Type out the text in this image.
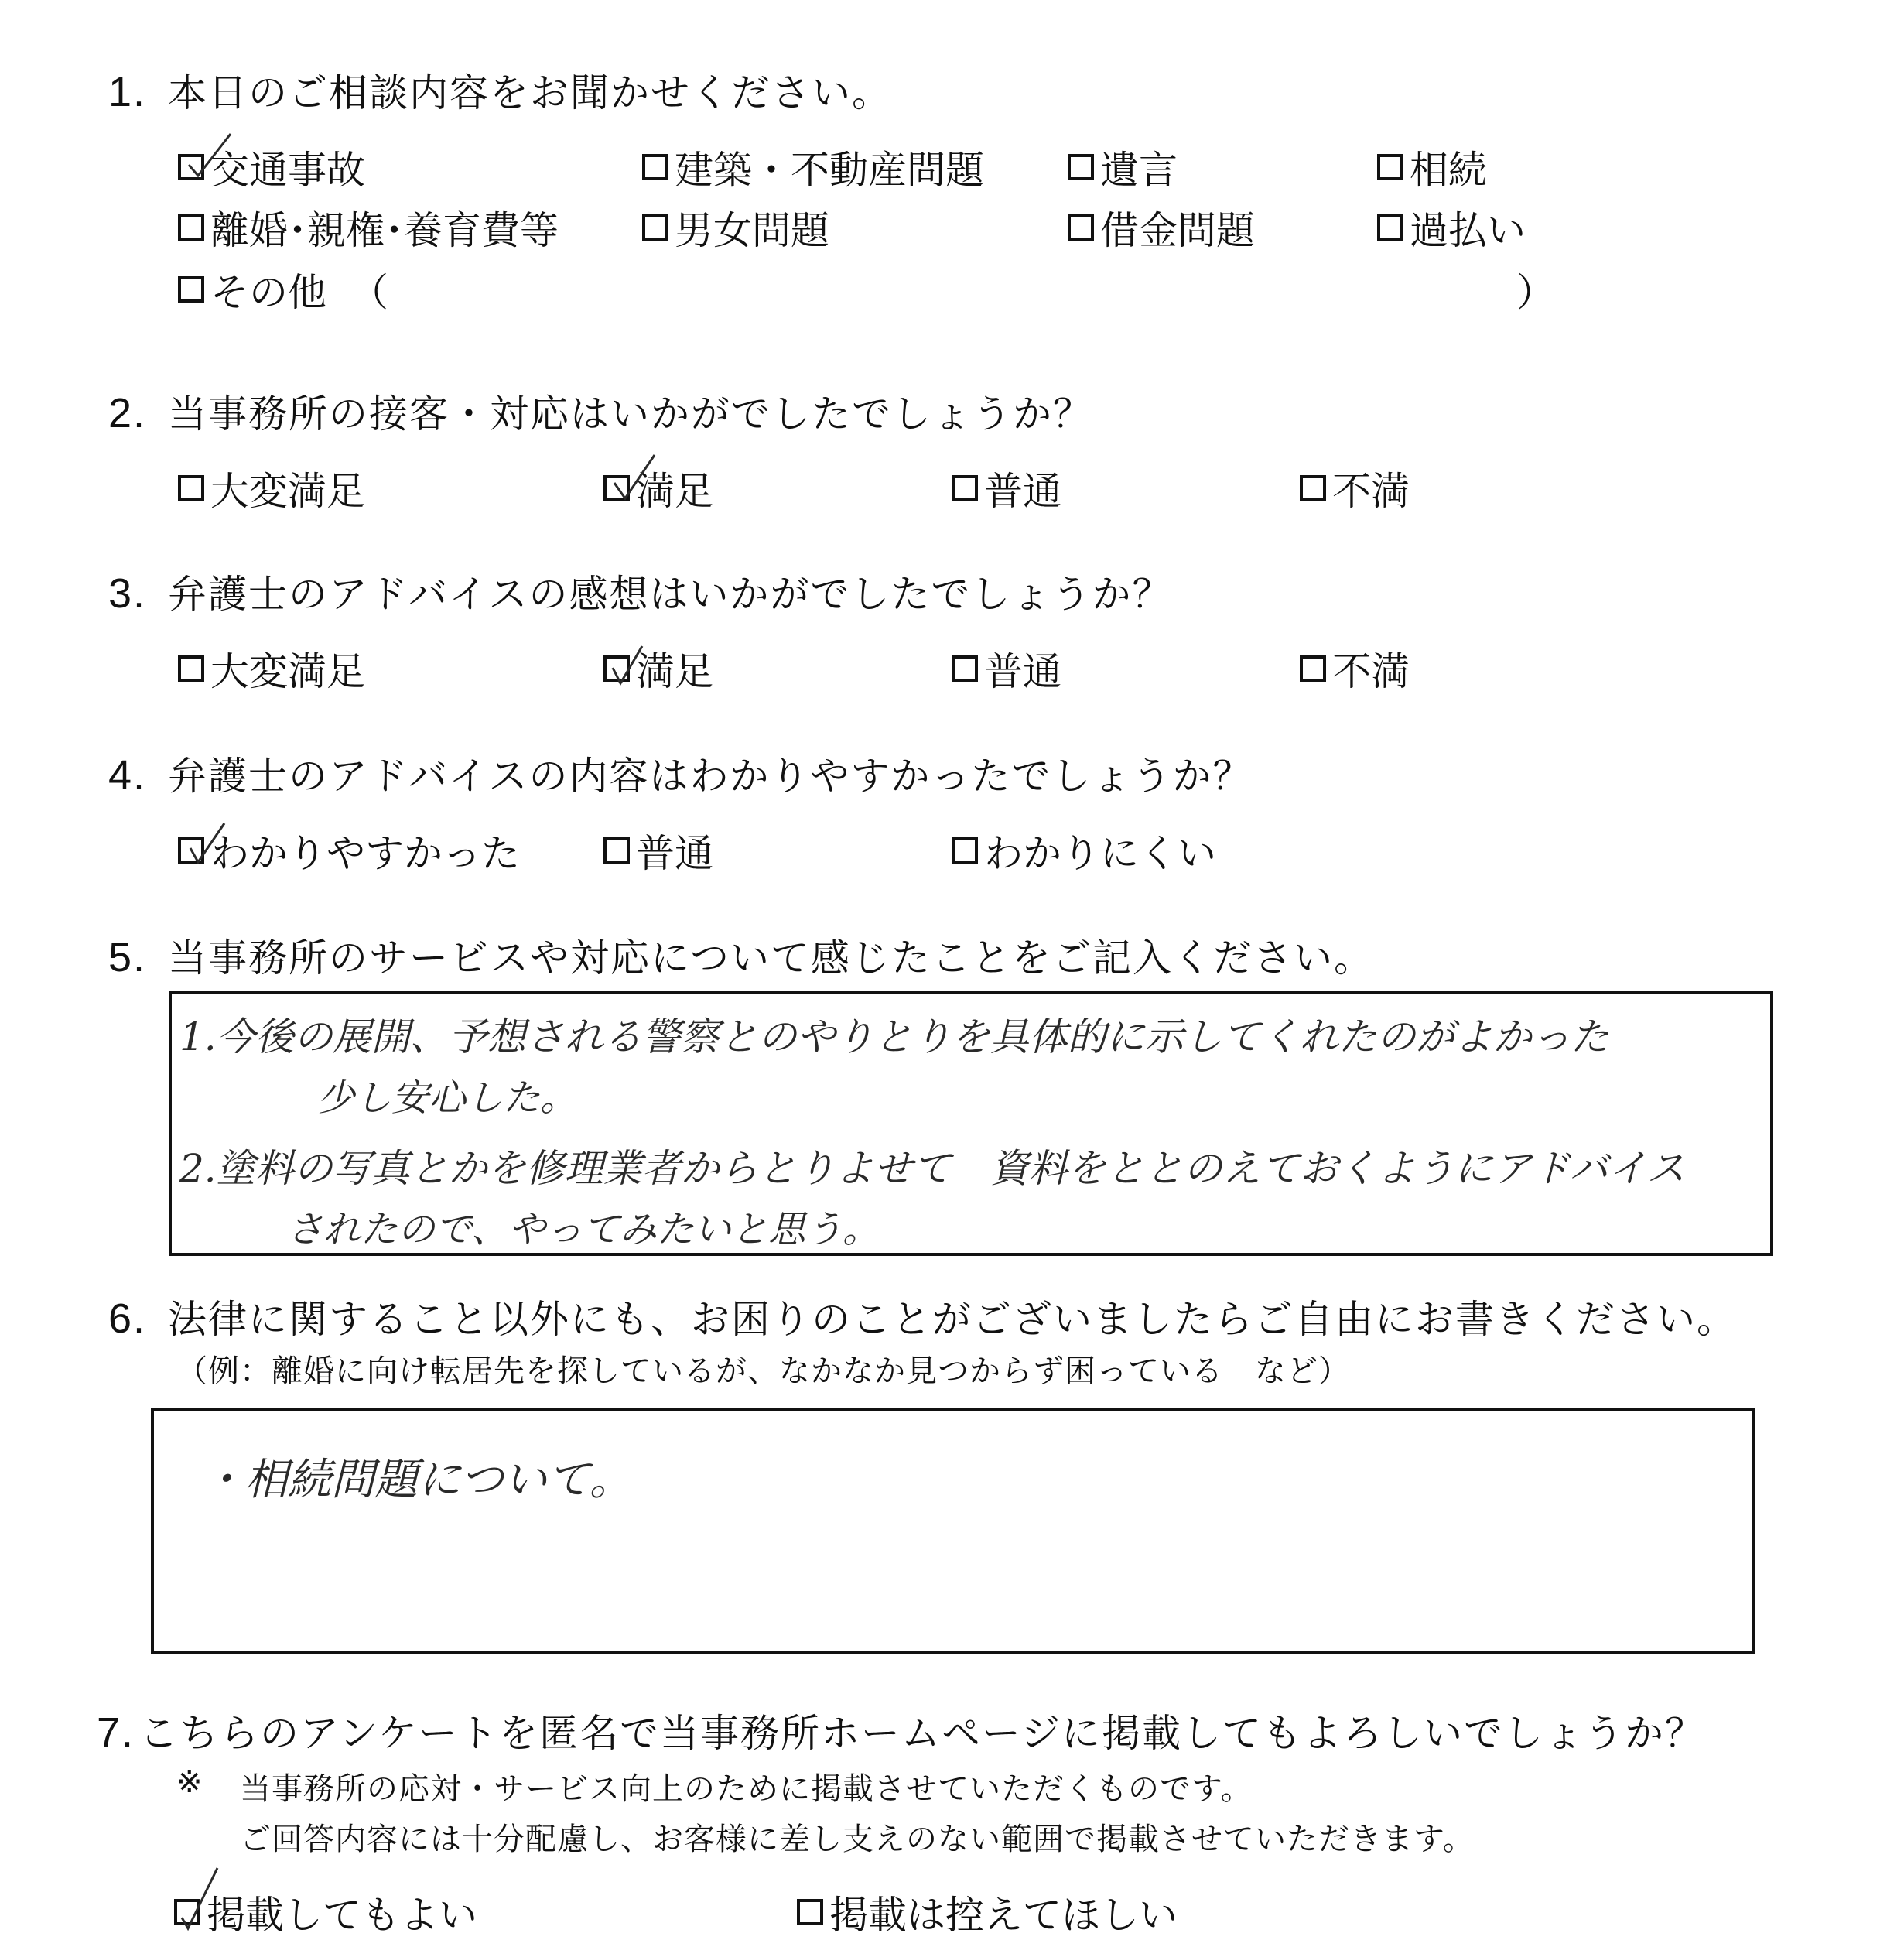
1. 本日のご相談内容をお聞かせください。
交通事故	建築・不動産問題	遺言	相続
離婚･親権･養育費等	男女問題	借金問題	過払い
その他 （	）
2. 当事務所の接客・対応はいかがでしたでしょうか？
大変満足	満足	普通	不満
3. 弁護士のアドバイスの感想はいかがでしたでしょうか？
大変満足	満足	普通	不満
4. 弁護士のアドバイスの内容はわかりやすかったでしょうか？
わかりやすかった	普通	わかりにくい
5. 当事務所のサービスや対応について感じたことをご記入ください。
1.今後の展開、予想される警察とのやりとりを具体的に示してくれたのがよかった
少し安心した。
2.塗料の写真とかを修理業者からとりよせて　資料をととのえておくようにアドバイス
されたので、やってみたいと思う。
6. 法律に関すること以外にも、お困りのことがございましたらご自由にお書きください。
（例：離婚に向け転居先を探しているが、なかなか見つからず困っている　など）
・相続問題について。
7. こちらのアンケートを匿名で当事務所ホームページに掲載してもよろしいでしょうか？
※ 当事務所の応対・サービス向上のために掲載させていただくものです。
ご回答内容には十分配慮し、お客様に差し支えのない範囲で掲載させていただきます。
掲載してもよい	掲載は控えてほしい
